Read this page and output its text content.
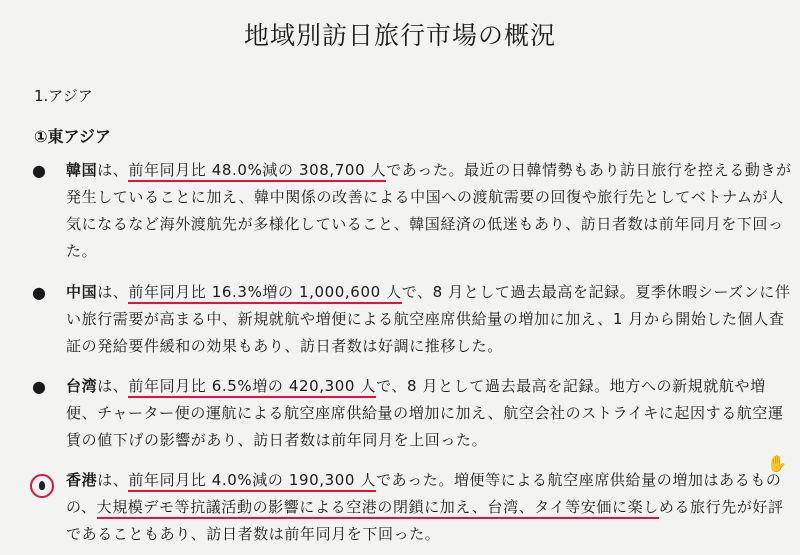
地域別訪日旅行市場の概況
1.アジア
①東アジア
● 韓国は、前年同月比 48.0%減の 308,700 人であった。最近の日韓情勢もあり訪日旅行を控える動きが発生していることに加え、韓中関係の改善による中国への渡航需要の回復や旅行先としてベトナムが人気になるなど海外渡航先が多様化していること、韓国経済の低迷もあり、訪日者数は前年同月を下回った。
● 中国は、前年同月比 16.3%増の 1,000,600 人で、8 月として過去最高を記録。夏季休暇シーズンに伴い旅行需要が高まる中、新規就航や増便による航空座席供給量の増加に加え、1 月から開始した個人査証の発給要件緩和の効果もあり、訪日者数は好調に推移した。
● 台湾は、前年同月比 6.5%増の 420,300 人で、8 月として過去最高を記録。地方への新規就航や増便、チャーター便の運航による航空座席供給量の増加に加え、航空会社のストライキに起因する航空運賃の値下げの影響があり、訪日者数は前年同月を上回った。
香港は、前年同月比 4.0%減の 190,300 人であった。増便等による航空座席供給量の増加はあるものの、大規模デモ等抗議活動の影響による空港の閉鎖に加え、台湾、タイ等安価に楽しめる旅行先が好評であることもあり、訪日者数は前年同月を下回った。
✋
